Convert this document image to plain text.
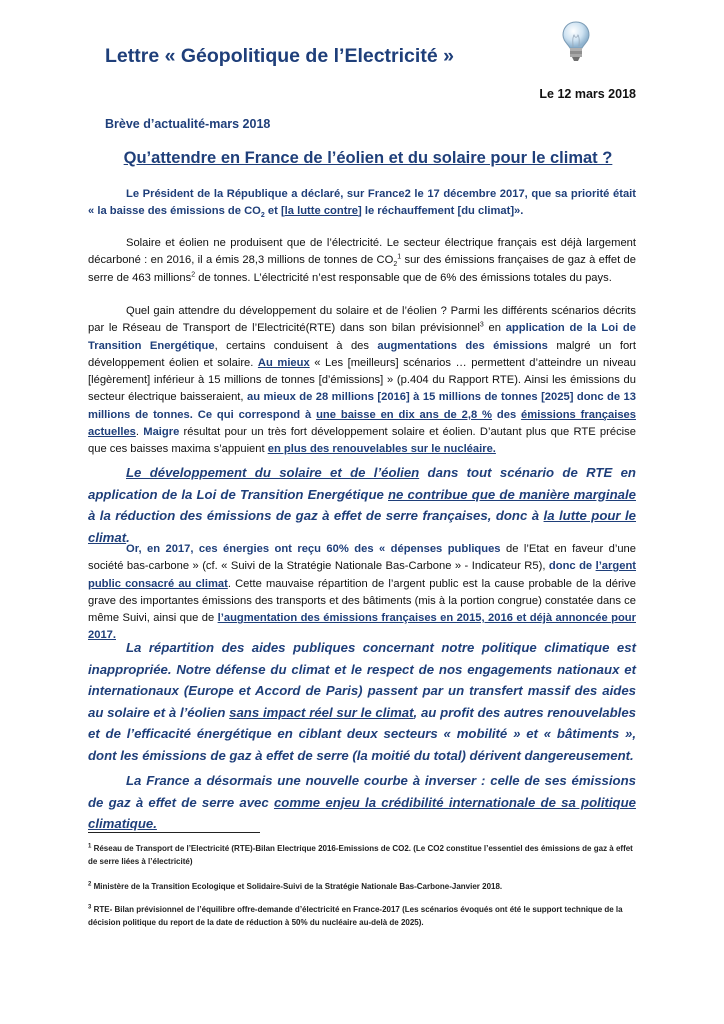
Lettre « Géopolitique de l’Electricité »
Le 12 mars 2018
Brève d’actualité-mars 2018
Qu’attendre en France de l’éolien et du solaire pour le climat ?

Le Président de la République a déclaré, sur France2 le 17 décembre 2017, que sa priorité était « la baisse des émissions de $CO_2$ et [la lutte contre] le réchauffement [du climat]».

Solaire et éolien ne produisent que de l’électricité. Le secteur électrique français est déjà largement décarboné : en 2016, il a émis 28,3 millions de tonnes de $CO_2^1$ sur des émissions françaises de gaz à effet de serre de 463 millions$^2$ de tonnes. L’électricité n’est responsable que de 6% des émissions totales du pays.

Quel gain attendre du développement du solaire et de l’éolien ? Parmi les différents scénarios décrits par le Réseau de Transport de l’Electricité(RTE) dans son bilan prévisionnel$^3$ en application de la Loi de Transition Energétique, certains conduisent à des augmentations des émissions malgré un fort développement éolien et solaire. Au mieux « Les [meilleurs] scénarios … permettent d’atteindre un niveau [légèrement] inférieur à 15 millions de tonnes [d’émissions] » (p.404 du Rapport RTE). Ainsi les émissions du secteur électrique baisseraient, au mieux de 28 millions [2016] à 15 millions de tonnes [2025] donc de 13 millions de tonnes. Ce qui correspond à une baisse en dix ans de 2,8 % des émissions françaises actuelles. Maigre résultat pour un très fort développement solaire et éolien. D’autant plus que RTE précise que ces baisses maxima s’appuient en plus des renouvelables sur le nucléaire.

Le développement du solaire et de l’éolien dans tout scénario de RTE en application de la Loi de Transition Energétique ne contribue que de manière marginale à la réduction des émissions de gaz à effet de serre françaises, donc à la lutte pour le climat.

Or, en 2017, ces énergies ont reçu 60% des « dépenses publiques de l’Etat en faveur d’une société bas-carbone » (cf. « Suivi de la Stratégie Nationale Bas-Carbone » - Indicateur R5), donc de l’argent public consacré au climat. Cette mauvaise répartition de l’argent public est la cause probable de la dérive grave des importantes émissions des transports et des bâtiments (mis à la portion congrue) constatée dans ce même Suivi, ainsi que de l’augmentation des émissions françaises en 2015, 2016 et déjà annoncée pour 2017.

La répartition des aides publiques concernant notre politique climatique est inappropriée. Notre défense du climat et le respect de nos engagements nationaux et internationaux (Europe et Accord de Paris) passent par un transfert massif des aides au solaire et à l’éolien sans impact réel sur le climat, au profit des autres renouvelables et de l’efficacité énergétique en ciblant deux secteurs « mobilité » et « bâtiments », dont les émissions de gaz à effet de serre (la moitié du total) dérivent dangereusement.

La France a désormais une nouvelle courbe à inverser : celle de ses émissions de gaz à effet de serre avec comme enjeu la crédibilité internationale de sa politique climatique.

$^1$ Réseau de Transport de l’Electricité (RTE)-Bilan Electrique 2016-Emissions de CO2. (Le CO2 constitue l’essentiel des émissions de gaz à effet de serre liées à l’électricité)
$^2$ Ministère de la Transition Ecologique et Solidaire-Suivi de la Stratégie Nationale Bas-Carbone-Janvier 2018.
$^3$ RTE- Bilan prévisionnel de l’équilibre offre-demande d’électricité en France-2017 (Les scénarios évoqués ont été le support technique de la décision politique du report de la date de réduction à 50% du nucléaire au-delà de 2025).
